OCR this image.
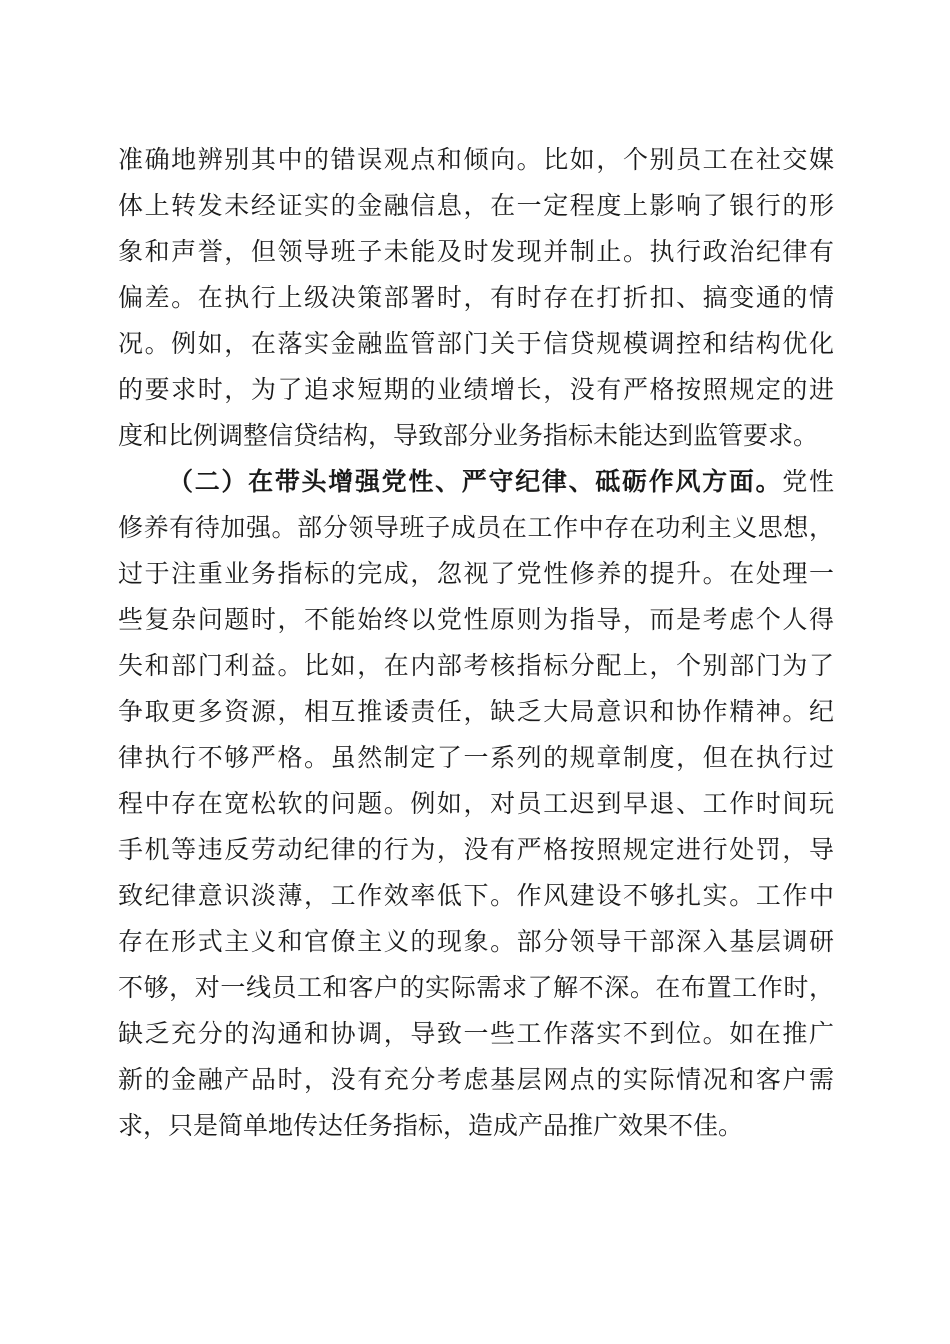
准确地辨别其中的错误观点和倾向。比如，个别员工在社交媒
体上转发未经证实的金融信息，在一定程度上影响了银行的形
象和声誉，但领导班子未能及时发现并制止。执行政治纪律有
偏差。在执行上级决策部署时，有时存在打折扣、搞变通的情
况。例如，在落实金融监管部门关于信贷规模调控和结构优化
的要求时，为了追求短期的业绩增长，没有严格按照规定的进
度和比例调整信贷结构，导致部分业务指标未能达到监管要求。
（二）在带头增强党性、严守纪律、砥砺作风方面。党性
修养有待加强。部分领导班子成员在工作中存在功利主义思想，
过于注重业务指标的完成，忽视了党性修养的提升。在处理一
些复杂问题时，不能始终以党性原则为指导，而是考虑个人得
失和部门利益。比如，在内部考核指标分配上，个别部门为了
争取更多资源，相互推诿责任，缺乏大局意识和协作精神。纪
律执行不够严格。虽然制定了一系列的规章制度，但在执行过
程中存在宽松软的问题。例如，对员工迟到早退、工作时间玩
手机等违反劳动纪律的行为，没有严格按照规定进行处罚，导
致纪律意识淡薄，工作效率低下。作风建设不够扎实。工作中
存在形式主义和官僚主义的现象。部分领导干部深入基层调研
不够，对一线员工和客户的实际需求了解不深。在布置工作时，
缺乏充分的沟通和协调，导致一些工作落实不到位。如在推广
新的金融产品时，没有充分考虑基层网点的实际情况和客户需
求，只是简单地传达任务指标，造成产品推广效果不佳。
